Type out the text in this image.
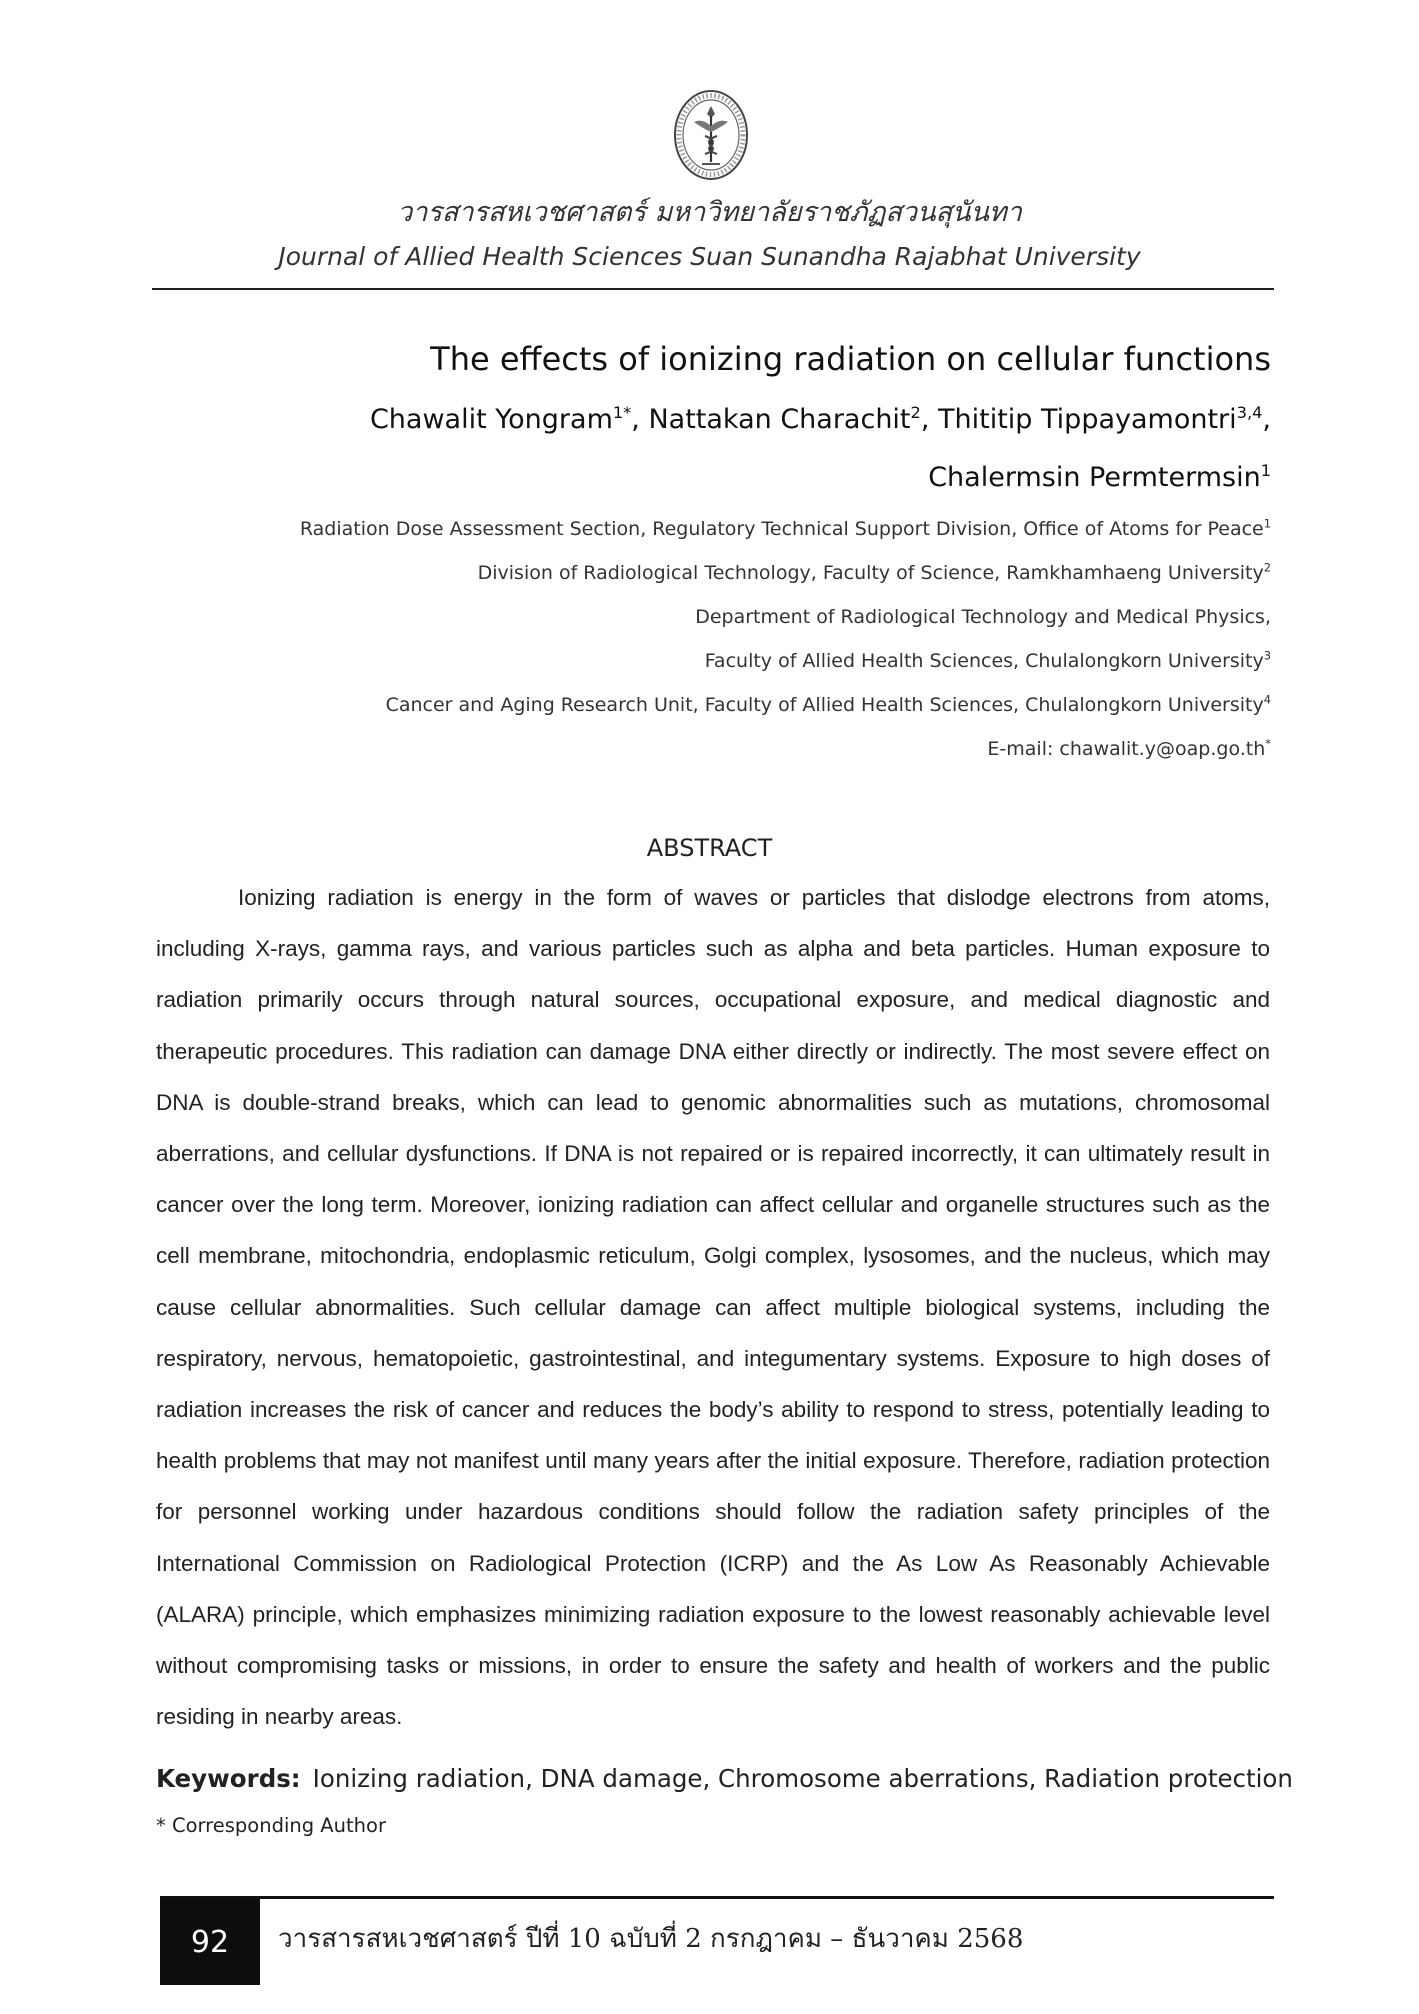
วารสารสหเวชศาสตร์ มหาวิทยาลัยราชภัฏสวนสุนันทา
Journal of Allied Health Sciences Suan Sunandha Rajabhat University
The effects of ionizing radiation on cellular functions
Chawalit Yongram$^{1*}$, Nattakan Charachit$^2$, Thititip Tippayamontri$^{3,4}$,
Chalermsin Permtermsin$^1$
Radiation Dose Assessment Section, Regulatory Technical Support Division, Office of Atoms for Peace$^1$
Division of Radiological Technology, Faculty of Science, Ramkhamhaeng University$^2$
Department of Radiological Technology and Medical Physics,
Faculty of Allied Health Sciences, Chulalongkorn University$^3$
Cancer and Aging Research Unit, Faculty of Allied Health Sciences, Chulalongkorn University$^4$
E-mail: chawalit.y@oap.go.th*
ABSTRACT

Ionizing radiation is energy in the form of waves or particles that dislodge electrons from atoms, including X-rays, gamma rays, and various particles such as alpha and beta particles. Human exposure to radiation primarily occurs through natural sources, occupational exposure, and medical diagnostic and therapeutic procedures. This radiation can damage DNA either directly or indirectly. The most severe effect on DNA is double-strand breaks, which can lead to genomic abnormalities such as mutations, chromosomal aberrations, and cellular dysfunctions. If DNA is not repaired or is repaired incorrectly, it can ultimately result in cancer over the long term. Moreover, ionizing radiation can affect cellular and organelle structures such as the cell membrane, mitochondria, endoplasmic reticulum, Golgi complex, lysosomes, and the nucleus, which may cause cellular abnormalities. Such cellular damage can affect multiple biological systems, including the respiratory, nervous, hematopoietic, gastrointestinal, and integumentary systems. Exposure to high doses of radiation increases the risk of cancer and reduces the body’s ability to respond to stress, potentially leading to health problems that may not manifest until many years after the initial exposure. Therefore, radiation protection for personnel working under hazardous conditions should follow the radiation safety principles of the International Commission on Radiological Protection (ICRP) and the As Low As Reasonably Achievable (ALARA) principle, which emphasizes minimizing radiation exposure to the lowest reasonably achievable level without compromising tasks or missions, in order to ensure the safety and health of workers and the public residing in nearby areas.

Keywords: Ionizing radiation, DNA damage, Chromosome aberrations, Radiation protection
* Corresponding Author
92	วารสารสหเวชศาสตร์ ปีที่ 10 ฉบับที่ 2 กรกฎาคม – ธันวาคม 2568
